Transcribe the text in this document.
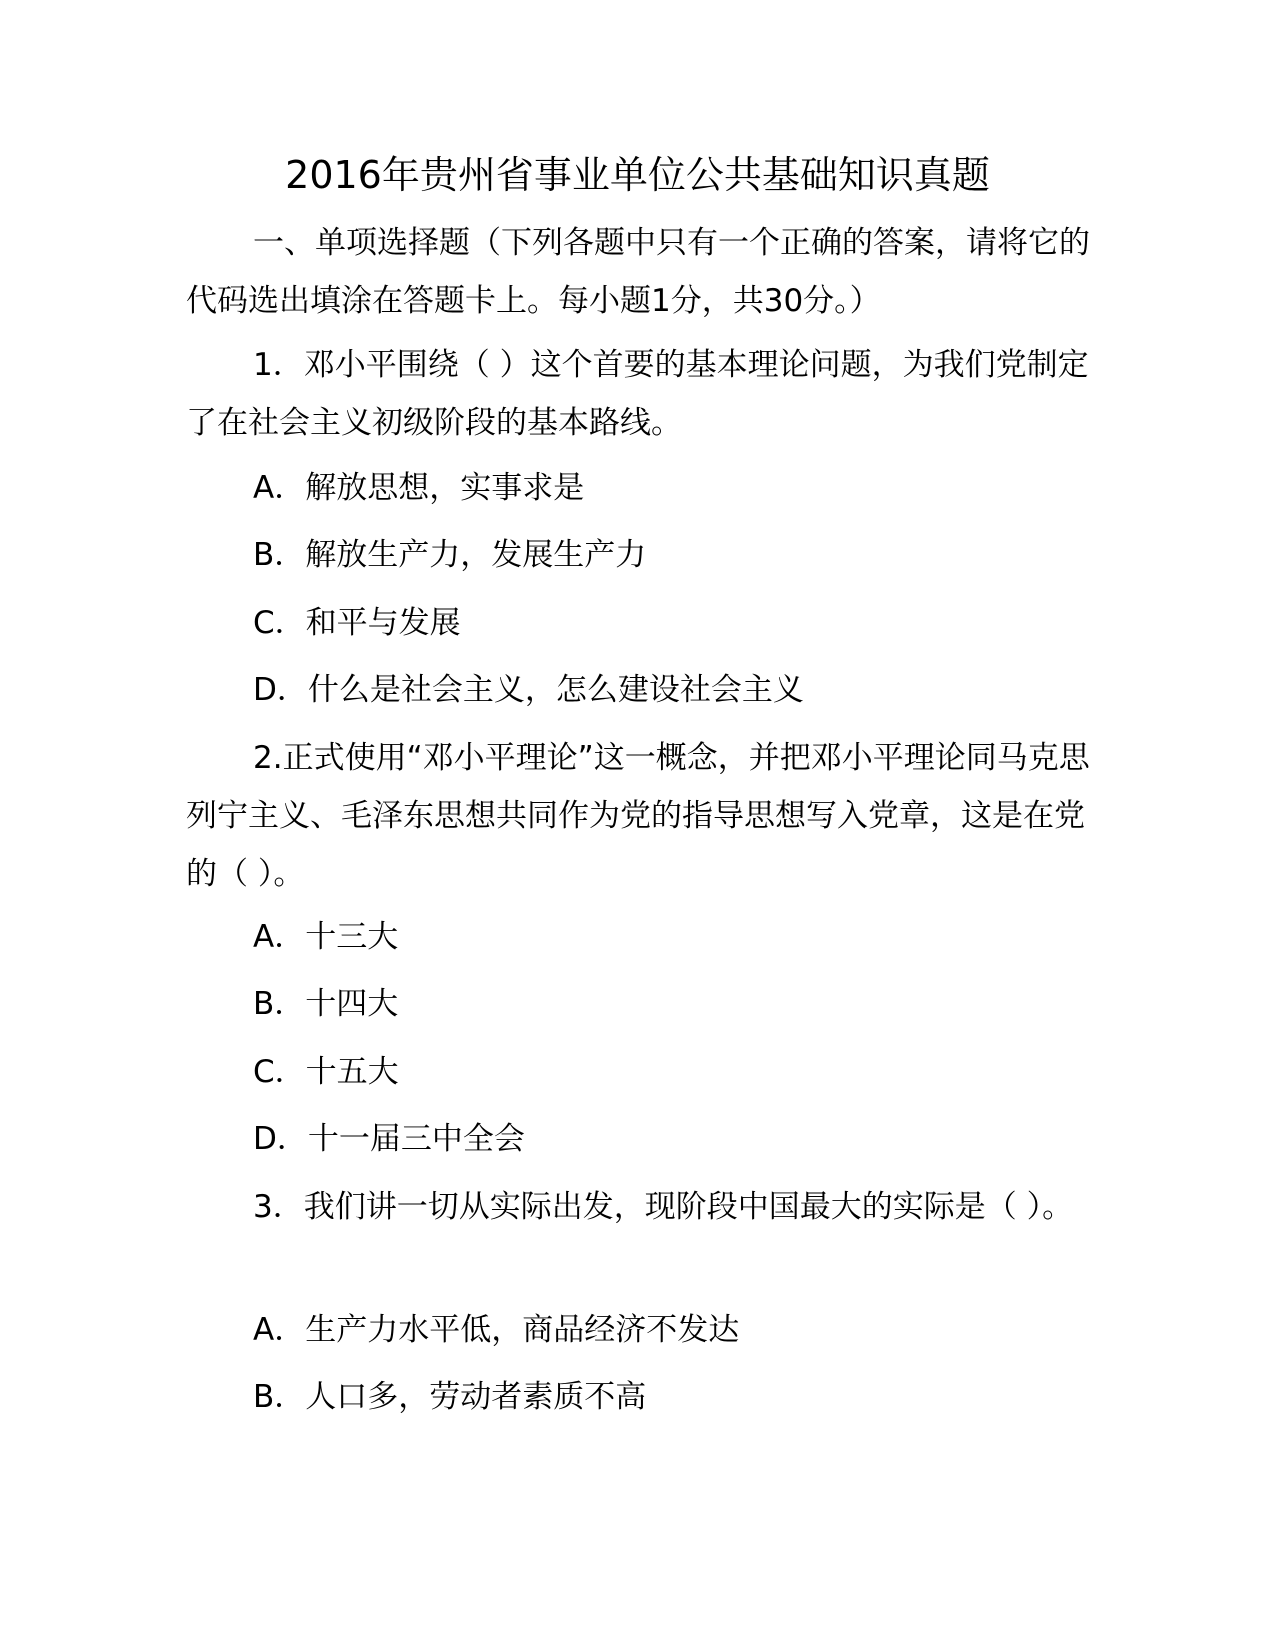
2016年贵州省事业单位公共基础知识真题

一、单项选择题（下列各题中只有一个正确的答案，请将它的代码选出填涂在答题卡上。每小题1分，共30分。）

1．邓小平围绕（ ）这个首要的基本理论问题，为我们党制定了在社会主义初级阶段的基本路线。

A．解放思想，实事求是

B．解放生产力，发展生产力

C．和平与发展

D．什么是社会主义，怎么建设社会主义

2.正式使用“邓小平理论”这一概念，并把邓小平理论同马克思列宁主义、毛泽东思想共同作为党的指导思想写入党章，这是在党的（ ）。

A．十三大

B．十四大

C．十五大

D．十一届三中全会

3．我们讲一切从实际出发，现阶段中国最大的实际是（ ）。

A．生产力水平低，商品经济不发达

B．人口多，劳动者素质不高
